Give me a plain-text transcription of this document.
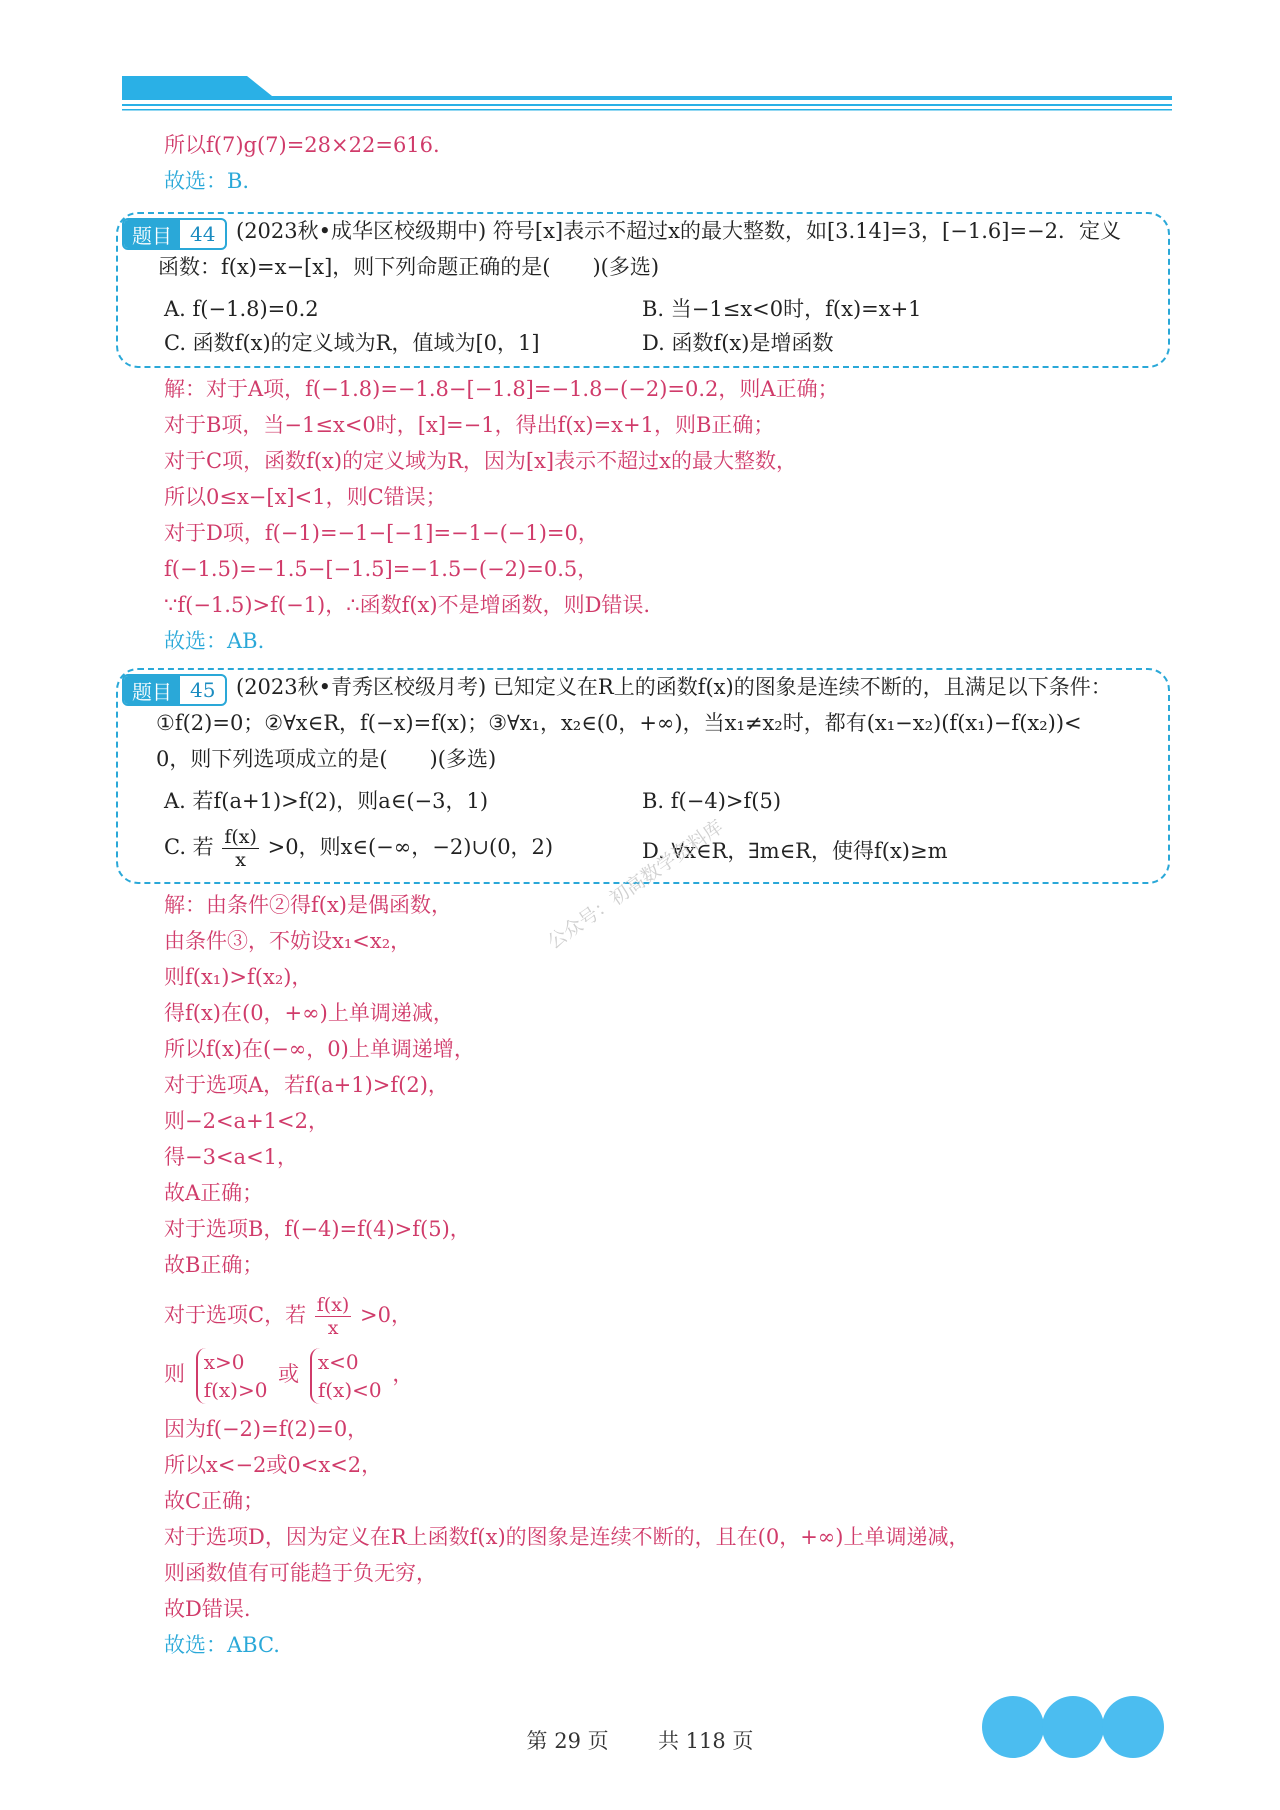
所以f(7)g(7)=28×22=616.
故选：B.
题目 44 (2023秋•成华区校级期中) 符号[x]表示不超过x的最大整数，如[3.14]=3，[−1.6]=−2．定义
函数：f(x)=x−[x]，则下列命题正确的是(　　)(多选)
A. f(−1.8)=0.2	B. 当−1≤x<0时，f(x)=x+1
C. 函数f(x)的定义域为R，值域为[0，1]	D. 函数f(x)是增函数
解：对于A项，f(−1.8)=−1.8−[−1.8]=−1.8−(−2)=0.2，则A正确；
对于B项，当−1≤x<0时，[x]=−1，得出f(x)=x+1，则B正确；
对于C项，函数f(x)的定义域为R，因为[x]表示不超过x的最大整数，
所以0≤x−[x]<1，则C错误；
对于D项，f(−1)=−1−[−1]=−1−(−1)=0，
f(−1.5)=−1.5−[−1.5]=−1.5−(−2)=0.5，
∵f(−1.5)>f(−1)，∴函数f(x)不是增函数，则D错误.
故选：AB.
题目 45 (2023秋•青秀区校级月考) 已知定义在R上的函数f(x)的图象是连续不断的，且满足以下条件：
①f(2)=0；②∀x∈R，f(−x)=f(x)；③∀x₁，x₂∈(0，+∞)，当x₁≠x₂时，都有(x₁−x₂)(f(x₁)−f(x₂))<
0，则下列选项成立的是(　　)(多选)
A. 若f(a+1)>f(2)，则a∈(−3，1)	B. f(−4)>f(5)
C. 若 $\frac{f(x)}{x} >0$，则x∈(−∞，−2)∪(0，2)	D. ∀x∈R，∃m∈R，使得f(x)≥m
解：由条件②得f(x)是偶函数，
由条件③，不妨设x₁<x₂，
则f(x₁)>f(x₂)，
得f(x)在(0，+∞)上单调递减，
所以f(x)在(−∞，0)上单调递增，
对于选项A，若f(a+1)>f(2)，
则−2<a+1<2，
得−3<a<1，
故A正确；
对于选项B，f(−4)=f(4)>f(5)，
故B正确；
对于选项C，若 $\frac{f(x)}{x} >0$，
则
x>0
f(x)>0
或
x<0
f(x)<0
，
因为f(−2)=f(2)=0，
所以x<−2或0<x<2，
故C正确；
对于选项D，因为定义在R上函数f(x)的图象是连续不断的，且在(0，+∞)上单调递减，
则函数值有可能趋于负无穷，
故D错误.
故选：ABC.
公众号：初高数学资料库
第 29 页 共 118 页
